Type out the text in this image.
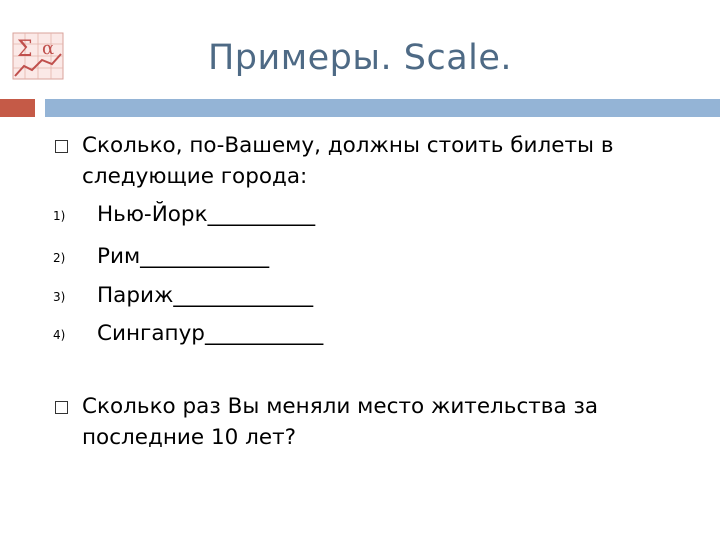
Σ α	Примеры. Scale.
Сколько, по-Вашему, должны стоить билеты в
следующие города:
1) Нью-Йорк__________
2) Рим____________
3) Париж_____________
4) Сингапур___________
Сколько раз Вы меняли место жительства за
последние 10 лет?
